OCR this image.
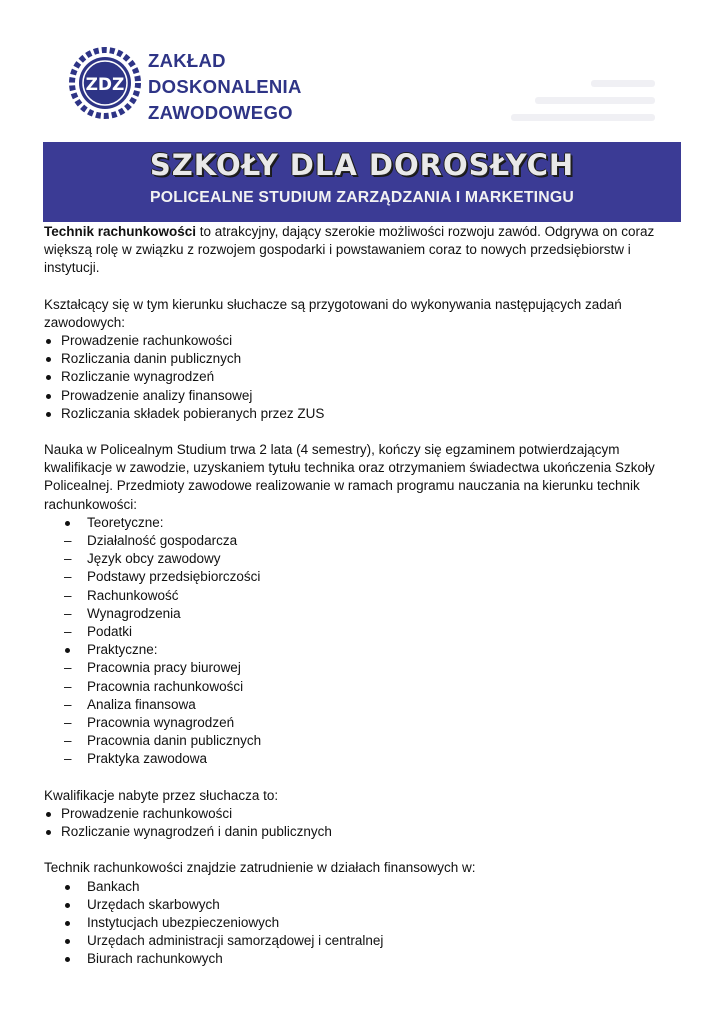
ZDZ
ZAKŁAD
DOSKONALENIA
ZAWODOWEGO
SZKOŁY DLA DOROSŁYCH
POLICEALNE STUDIUM ZARZĄDZANIA I MARKETINGU

Technik rachunkowości to atrakcyjny, dający szerokie możliwości rozwoju zawód. Odgrywa on coraz większą rolę w związku z rozwojem gospodarki i powstawaniem coraz to nowych przedsiębiorstw i instytucji.

Kształcący się w tym kierunku słuchacze są przygotowani do wykonywania następujących zadań zawodowych:

Prowadzenie rachunkowości
Rozliczania danin publicznych
Rozliczanie wynagrodzeń
Prowadzenie analizy finansowej
Rozliczania składek pobieranych przez ZUS

Nauka w Policealnym Studium trwa 2 lata (4 semestry), kończy się egzaminem potwierdzającym kwalifikacje w zawodzie, uzyskaniem tytułu technika oraz otrzymaniem świadectwa ukończenia Szkoły Policealnej. Przedmioty zawodowe realizowanie w ramach programu nauczania na kierunku technik rachunkowości:

Teoretyczne:
– Działalność gospodarcza
– Język obcy zawodowy
– Podstawy przedsiębiorczości
– Rachunkowość
– Wynagrodzenia
– Podatki
Praktyczne:
– Pracownia pracy biurowej
– Pracownia rachunkowości
– Analiza finansowa
– Pracownia wynagrodzeń
– Pracownia danin publicznych
– Praktyka zawodowa

Kwalifikacje nabyte przez słuchacza to:

Prowadzenie rachunkowości
Rozliczanie wynagrodzeń i danin publicznych

Technik rachunkowości znajdzie zatrudnienie w działach finansowych w:

Bankach
Urzędach skarbowych
Instytucjach ubezpieczeniowych
Urzędach administracji samorządowej i centralnej
Biurach rachunkowych
